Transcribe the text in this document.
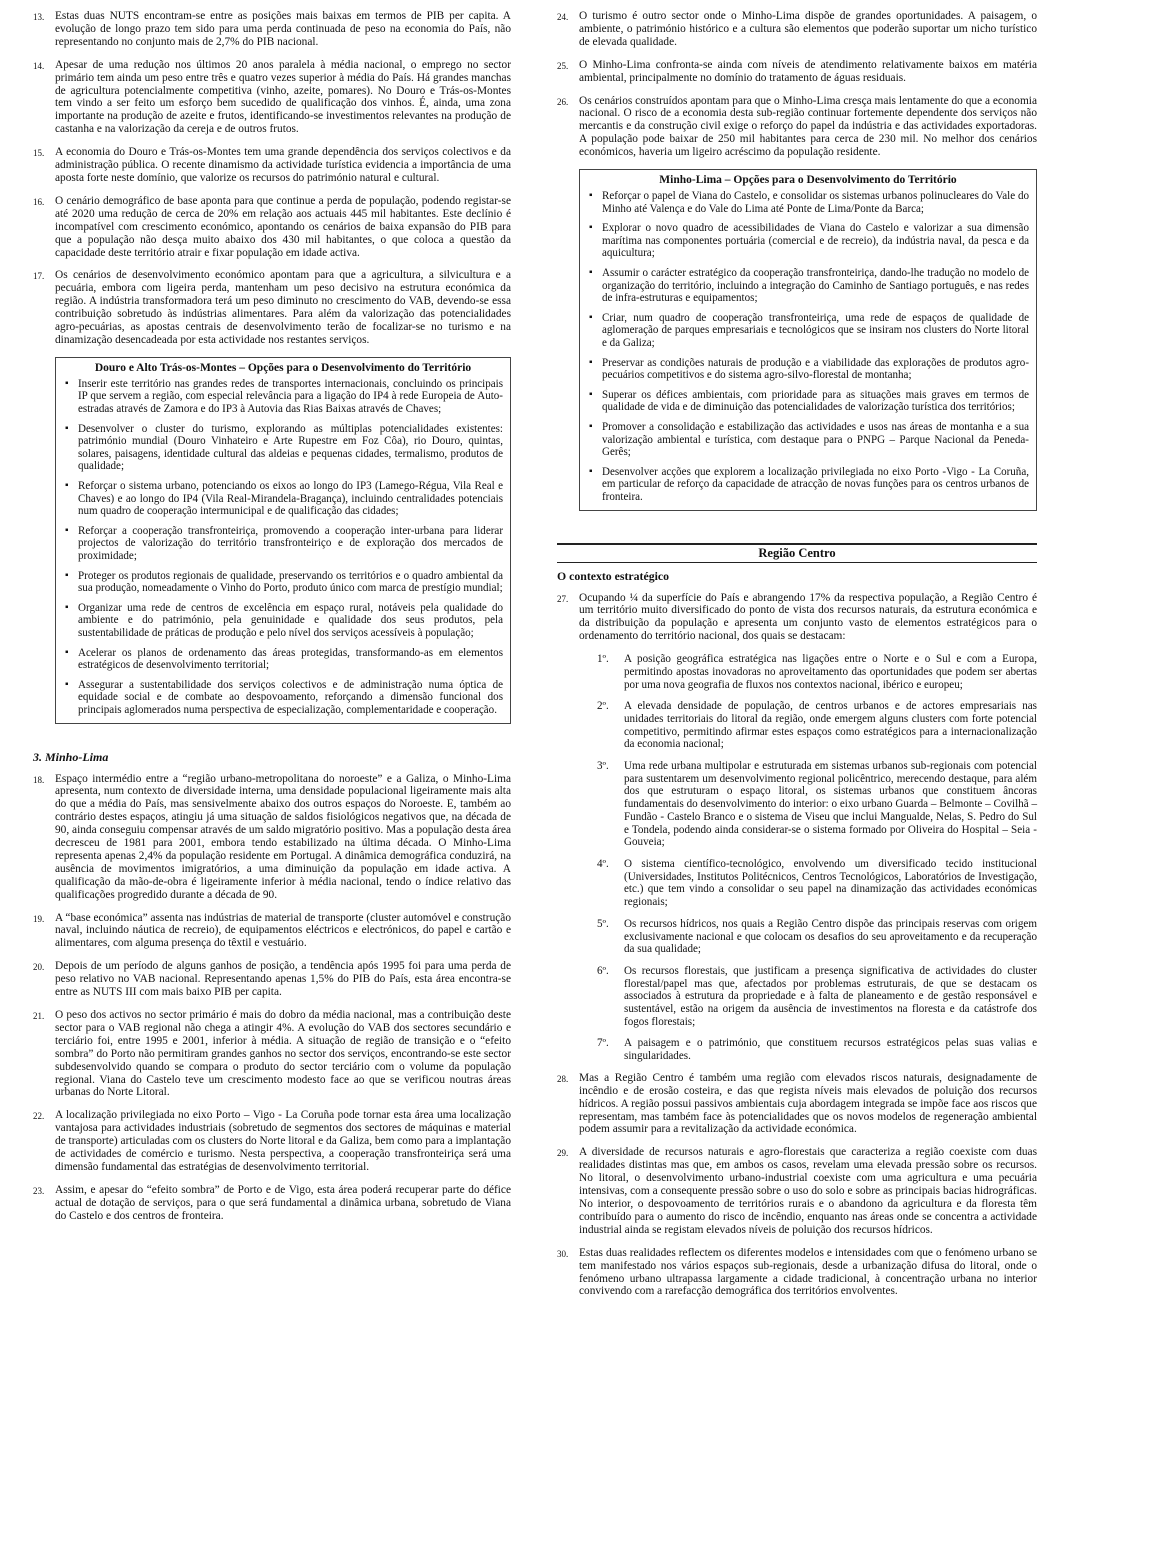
13. Estas duas NUTS encontram-se entre as posições mais baixas em termos de PIB per capita. A evolução de longo prazo tem sido para uma perda continuada de peso na economia do País, não representando no conjunto mais de 2,7% do PIB nacional.
14. Apesar de uma redução nos últimos 20 anos paralela à média nacional, o emprego no sector primário tem ainda um peso entre três e quatro vezes superior à média do País. Há grandes manchas de agricultura potencialmente competitiva (vinho, azeite, pomares). No Douro e Trás-os-Montes tem vindo a ser feito um esforço bem sucedido de qualificação dos vinhos. É, ainda, uma zona importante na produção de azeite e frutos, identificando-se investimentos relevantes na produção de castanha e na valorização da cereja e de outros frutos.
15. A economia do Douro e Trás-os-Montes tem uma grande dependência dos serviços colectivos e da administração pública. O recente dinamismo da actividade turística evidencia a importância de uma aposta forte neste domínio, que valorize os recursos do património natural e cultural.
16. O cenário demográfico de base aponta para que continue a perda de população, podendo registar-se até 2020 uma redução de cerca de 20% em relação aos actuais 445 mil habitantes. Este declínio é incompatível com crescimento económico, apontando os cenários de baixa expansão do PIB para que a população não desça muito abaixo dos 430 mil habitantes, o que coloca a questão da capacidade deste território atrair e fixar população em idade activa.
17. Os cenários de desenvolvimento económico apontam para que a agricultura, a silvicultura e a pecuária, embora com ligeira perda, mantenham um peso decisivo na estrutura económica da região. A indústria transformadora terá um peso diminuto no crescimento do VAB, devendo-se essa contribuição sobretudo às indústrias alimentares. Para além da valorização das potencialidades agro-pecuárias, as apostas centrais de desenvolvimento terão de focalizar-se no turismo e na dinamização desencadeada por esta actividade nos restantes serviços.
Douro e Alto Trás-os-Montes – Opções para o Desenvolvimento do Território
▪ Inserir este território nas grandes redes de transportes internacionais, concluindo os principais IP que servem a região, com especial relevância para a ligação do IP4 à rede Europeia de Auto-estradas através de Zamora e do IP3 à Autovia das Rias Baixas através de Chaves;
▪ Desenvolver o cluster do turismo, explorando as múltiplas potencialidades existentes: património mundial (Douro Vinhateiro e Arte Rupestre em Foz Côa), rio Douro, quintas, solares, paisagens, identidade cultural das aldeias e pequenas cidades, termalismo, produtos de qualidade;
▪ Reforçar o sistema urbano, potenciando os eixos ao longo do IP3 (Lamego-Régua, Vila Real e Chaves) e ao longo do IP4 (Vila Real-Mirandela-Bragança), incluindo centralidades potenciais num quadro de cooperação intermunicipal e de qualificação das cidades;
▪ Reforçar a cooperação transfronteiriça, promovendo a cooperação inter-urbana para liderar projectos de valorização do território transfronteiriço e de exploração dos mercados de proximidade;
▪ Proteger os produtos regionais de qualidade, preservando os territórios e o quadro ambiental da sua produção, nomeadamente o Vinho do Porto, produto único com marca de prestígio mundial;
▪ Organizar uma rede de centros de excelência em espaço rural, notáveis pela qualidade do ambiente e do património, pela genuinidade e qualidade dos seus produtos, pela sustentabilidade de práticas de produção e pelo nível dos serviços acessíveis à população;
▪ Acelerar os planos de ordenamento das áreas protegidas, transformando-as em elementos estratégicos de desenvolvimento territorial;
▪ Assegurar a sustentabilidade dos serviços colectivos e de administração numa óptica de equidade social e de combate ao despovoamento, reforçando a dimensão funcional dos principais aglomerados numa perspectiva de especialização, complementaridade e cooperação.
3. Minho-Lima
18. Espaço intermédio entre a “região urbano-metropolitana do noroeste” e a Galiza, o Minho-Lima apresenta, num contexto de diversidade interna, uma densidade populacional ligeiramente mais alta do que a média do País, mas sensivelmente abaixo dos outros espaços do Noroeste. E, também ao contrário destes espaços, atingiu já uma situação de saldos fisiológicos negativos que, na década de 90, ainda conseguiu compensar através de um saldo migratório positivo. Mas a população desta área decresceu de 1981 para 2001, embora tendo estabilizado na última década. O Minho-Lima representa apenas 2,4% da população residente em Portugal. A dinâmica demográfica conduzirá, na ausência de movimentos imigratórios, a uma diminuição da população em idade activa. A qualificação da mão-de-obra é ligeiramente inferior à média nacional, tendo o índice relativo das qualificações progredido durante a década de 90.
19. A “base económica” assenta nas indústrias de material de transporte (cluster automóvel e construção naval, incluindo náutica de recreio), de equipamentos eléctricos e electrónicos, do papel e cartão e alimentares, com alguma presença do têxtil e vestuário.
20. Depois de um período de alguns ganhos de posição, a tendência após 1995 foi para uma perda de peso relativo no VAB nacional. Representando apenas 1,5% do PIB do País, esta área encontra-se entre as NUTS III com mais baixo PIB per capita.
21. O peso dos activos no sector primário é mais do dobro da média nacional, mas a contribuição deste sector para o VAB regional não chega a atingir 4%. A evolução do VAB dos sectores secundário e terciário foi, entre 1995 e 2001, inferior à média. A situação de região de transição e o “efeito sombra” do Porto não permitiram grandes ganhos no sector dos serviços, encontrando-se este sector subdesenvolvido quando se compara o produto do sector terciário com o volume da população regional. Viana do Castelo teve um crescimento modesto face ao que se verificou noutras áreas urbanas do Norte Litoral.
22. A localização privilegiada no eixo Porto – Vigo - La Coruña pode tornar esta área uma localização vantajosa para actividades industriais (sobretudo de segmentos dos sectores de máquinas e material de transporte) articuladas com os clusters do Norte litoral e da Galiza, bem como para a implantação de actividades de comércio e turismo. Nesta perspectiva, a cooperação transfronteiriça será uma dimensão fundamental das estratégias de desenvolvimento territorial.
23. Assim, e apesar do “efeito sombra” de Porto e de Vigo, esta área poderá recuperar parte do défice actual de dotação de serviços, para o que será fundamental a dinâmica urbana, sobretudo de Viana do Castelo e dos centros de fronteira.
24. O turismo é outro sector onde o Minho-Lima dispõe de grandes oportunidades. A paisagem, o ambiente, o património histórico e a cultura são elementos que poderão suportar um nicho turístico de elevada qualidade.
25. O Minho-Lima confronta-se ainda com níveis de atendimento relativamente baixos em matéria ambiental, principalmente no domínio do tratamento de águas residuais.
26. Os cenários construídos apontam para que o Minho-Lima cresça mais lentamente do que a economia nacional. O risco de a economia desta sub-região continuar fortemente dependente dos serviços não mercantis e da construção civil exige o reforço do papel da indústria e das actividades exportadoras. A população pode baixar de 250 mil habitantes para cerca de 230 mil. No melhor dos cenários económicos, haveria um ligeiro acréscimo da população residente.
Minho-Lima – Opções para o Desenvolvimento do Território
▪ Reforçar o papel de Viana do Castelo, e consolidar os sistemas urbanos polinucleares do Vale do Minho até Valença e do Vale do Lima até Ponte de Lima/Ponte da Barca;
▪ Explorar o novo quadro de acessibilidades de Viana do Castelo e valorizar a sua dimensão marítima nas componentes portuária (comercial e de recreio), da indústria naval, da pesca e da aquicultura;
▪ Assumir o carácter estratégico da cooperação transfronteiriça, dando-lhe tradução no modelo de organização do território, incluindo a integração do Caminho de Santiago português, e nas redes de infra-estruturas e equipamentos;
▪ Criar, num quadro de cooperação transfronteiriça, uma rede de espaços de qualidade de aglomeração de parques empresariais e tecnológicos que se insiram nos clusters do Norte litoral e da Galiza;
▪ Preservar as condições naturais de produção e a viabilidade das explorações de produtos agro-pecuários competitivos e do sistema agro-silvo-florestal de montanha;
▪ Superar os défices ambientais, com prioridade para as situações mais graves em termos de qualidade de vida e de diminuição das potencialidades de valorização turística dos territórios;
▪ Promover a consolidação e estabilização das actividades e usos nas áreas de montanha e a sua valorização ambiental e turística, com destaque para o PNPG – Parque Nacional da Peneda-Gerês;
▪ Desenvolver acções que explorem a localização privilegiada no eixo Porto -Vigo - La Coruña, em particular de reforço da capacidade de atracção de novas funções para os centros urbanos de fronteira.
Região Centro
O contexto estratégico
27. Ocupando ¼ da superfície do País e abrangendo 17% da respectiva população, a Região Centro é um território muito diversificado do ponto de vista dos recursos naturais, da estrutura económica e da distribuição da população e apresenta um conjunto vasto de elementos estratégicos para o ordenamento do território nacional, dos quais se destacam:
1º. A posição geográfica estratégica nas ligações entre o Norte e o Sul e com a Europa, permitindo apostas inovadoras no aproveitamento das oportunidades que podem ser abertas por uma nova geografia de fluxos nos contextos nacional, ibérico e europeu;
2º. A elevada densidade de população, de centros urbanos e de actores empresariais nas unidades territoriais do litoral da região, onde emergem alguns clusters com forte potencial competitivo, permitindo afirmar estes espaços como estratégicos para a internacionalização da economia nacional;
3º. Uma rede urbana multipolar e estruturada em sistemas urbanos sub-regionais com potencial para sustentarem um desenvolvimento regional policêntrico, merecendo destaque, para além dos que estruturam o espaço litoral, os sistemas urbanos que constituem âncoras fundamentais do desenvolvimento do interior: o eixo urbano Guarda – Belmonte – Covilhã – Fundão - Castelo Branco e o sistema de Viseu que inclui Mangualde, Nelas, S. Pedro do Sul e Tondela, podendo ainda considerar-se o sistema formado por Oliveira do Hospital – Seia - Gouveia;
4º. O sistema científico-tecnológico, envolvendo um diversificado tecido institucional (Universidades, Institutos Politécnicos, Centros Tecnológicos, Laboratórios de Investigação, etc.) que tem vindo a consolidar o seu papel na dinamização das actividades económicas regionais;
5º. Os recursos hídricos, nos quais a Região Centro dispõe das principais reservas com origem exclusivamente nacional e que colocam os desafios do seu aproveitamento e da recuperação da sua qualidade;
6º. Os recursos florestais, que justificam a presença significativa de actividades do cluster florestal/papel mas que, afectados por problemas estruturais, de que se destacam os associados à estrutura da propriedade e à falta de planeamento e de gestão responsável e sustentável, estão na origem da ausência de investimentos na floresta e da catástrofe dos fogos florestais;
7º. A paisagem e o património, que constituem recursos estratégicos pelas suas valias e singularidades.
28. Mas a Região Centro é também uma região com elevados riscos naturais, designadamente de incêndio e de erosão costeira, e das que regista níveis mais elevados de poluição dos recursos hídricos. A região possui passivos ambientais cuja abordagem integrada se impõe face aos riscos que representam, mas também face às potencialidades que os novos modelos de regeneração ambiental podem assumir para a revitalização da actividade económica.
29. A diversidade de recursos naturais e agro-florestais que caracteriza a região coexiste com duas realidades distintas mas que, em ambos os casos, revelam uma elevada pressão sobre os recursos. No litoral, o desenvolvimento urbano-industrial coexiste com uma agricultura e uma pecuária intensivas, com a consequente pressão sobre o uso do solo e sobre as principais bacias hidrográficas. No interior, o despovoamento de territórios rurais e o abandono da agricultura e da floresta têm contribuído para o aumento do risco de incêndio, enquanto nas áreas onde se concentra a actividade industrial ainda se registam elevados níveis de poluição dos recursos hídricos.
30. Estas duas realidades reflectem os diferentes modelos e intensidades com que o fenómeno urbano se tem manifestado nos vários espaços sub-regionais, desde a urbanização difusa do litoral, onde o fenómeno urbano ultrapassa largamente a cidade tradicional, à concentração urbana no interior convivendo com a rarefacção demográfica dos territórios envolventes.
